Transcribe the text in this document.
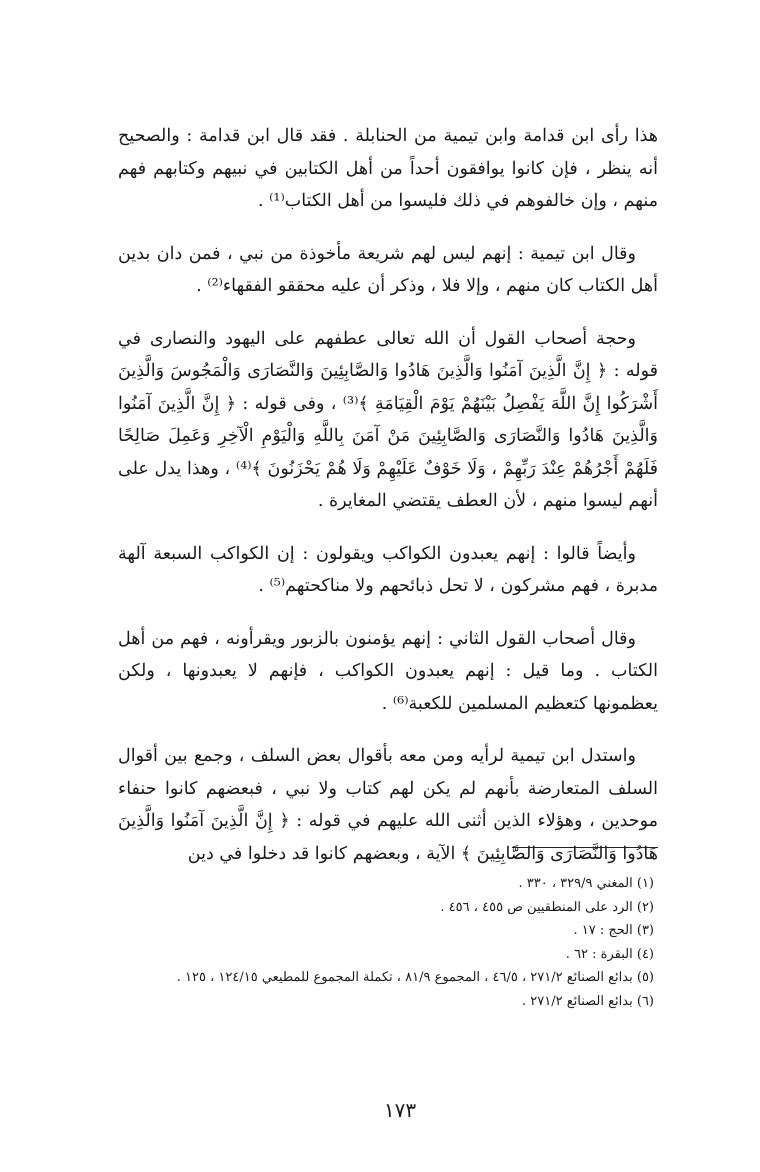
هذا رأى ابن قدامة وابن تيمية من الحنابلة . فقد قال ابن قدامة : والصحيح أنه ينظر ، فإن كانوا يوافقون أحداً من أهل الكتابين في نبيهم وكتابهم فهم منهم ، وإن خالفوهم في ذلك فليسوا من أهل الكتاب⁽¹⁾ .

وقال ابن تيمية : إنهم ليس لهم شريعة مأخوذة من نبي ، فمن دان بدين أهل الكتاب كان منهم ، وإلا فلا ، وذكر أن عليه محققو الفقهاء⁽²⁾ .

وحجة أصحاب القول أن الله تعالى عطفهم على اليهود والنصارى في قوله : ﴿ إِنَّ الَّذِينَ آمَنُوا وَالَّذِينَ هَادُوا وَالصَّابِئِينَ وَالنَّصَارَى وَالْمَجُوسَ وَالَّذِينَ أَشْرَكُوا إِنَّ اللَّهَ يَفْصِلُ بَيْنَهُمْ يَوْمَ الْقِيَامَةِ ﴾⁽³⁾ ، وفى قوله : ﴿ إِنَّ الَّذِينَ آمَنُوا وَالَّذِينَ هَادُوا وَالنَّصَارَى وَالصَّابِئِينَ مَنْ آمَنَ بِاللَّهِ وَالْيَوْمِ الْآخِرِ وَعَمِلَ صَالِحًا فَلَهُمْ أَجْرُهُمْ عِنْدَ رَبِّهِمْ ، وَلَا خَوْفٌ عَلَيْهِمْ وَلَا هُمْ يَحْزَنُونَ ﴾⁽⁴⁾ ، وهذا يدل على أنهم ليسوا منهم ، لأن العطف يقتضي المغايرة .

وأيضاً قالوا : إنهم يعبدون الكواكب ويقولون : إن الكواكب السبعة آلهة مدبرة ، فهم مشركون ، لا تحل ذبائحهم ولا مناكحتهم⁽⁵⁾ .

وقال أصحاب القول الثاني : إنهم يؤمنون بالزبور ويقرأونه ، فهم من أهل الكتاب . وما قيل : إنهم يعبدون الكواكب ، فإنهم لا يعبدونها ، ولكن يعظمونها كتعظيم المسلمين للكعبة⁽⁶⁾ .

واستدل ابن تيمية لرأيه ومن معه بأقوال بعض السلف ، وجمع بين أقوال السلف المتعارضة بأنهم لم يكن لهم كتاب ولا نبي ، فبعضهم كانوا حنفاء موحدين ، وهؤلاء الذين أثنى الله عليهم في قوله : ﴿ إِنَّ الَّذِينَ آمَنُوا وَالَّذِينَ هَادُوا وَالنَّصَارَى وَالصَّابِئِينَ ﴾ الآية ، وبعضهم كانوا قد دخلوا في دين

(١) المغني ٣٢٩/٩ ، ٣٣٠ .

(٢) الرد على المنطقيين ص ٤٥٥ ، ٤٥٦ .

(٣) الحج : ١٧ .

(٤) البقرة : ٦٢ .

(٥) بدائع الصنائع ٢٧١/٢ ، ٤٦/٥ ، المجموع ٨١/٩ ، تكملة المجموع للمطيعي ١٢٤/١٥ ، ١٢٥ .

(٦) بدائع الصنائع ٢٧١/٢ .

١٧٣
